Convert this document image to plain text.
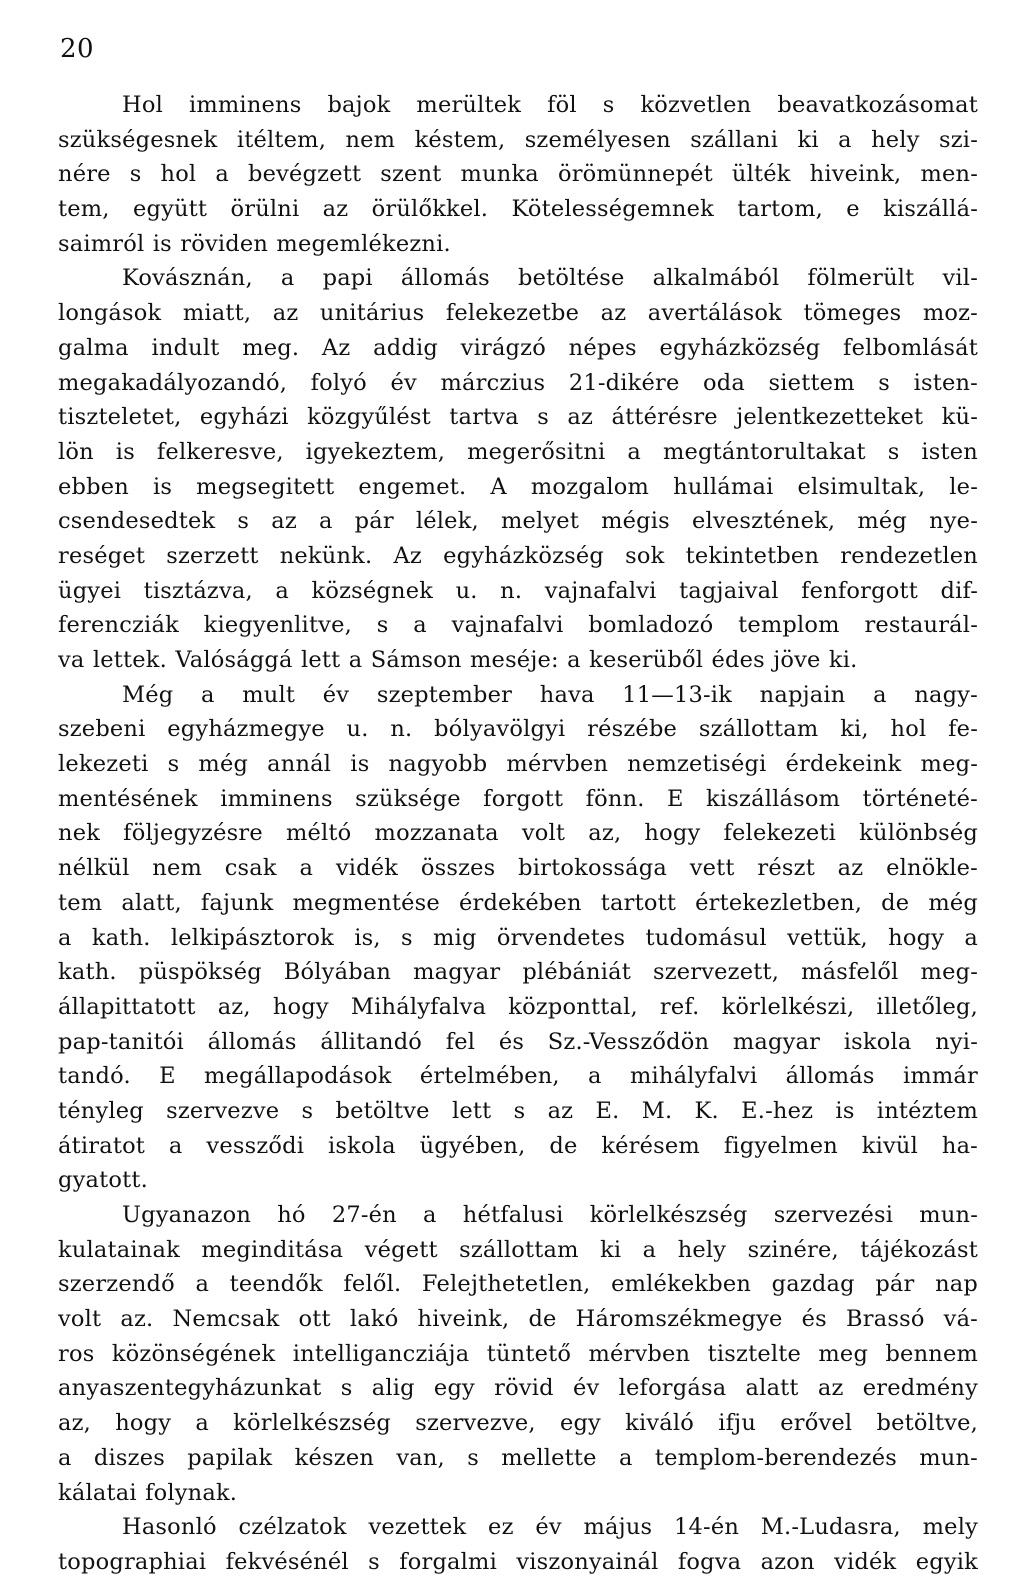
20
Hol imminens bajok merültek föl s közvetlen beavatkozásomat
szükségesnek itéltem, nem késtem, személyesen szállani ki a hely szi-
nére s hol a bevégzett szent munka örömünnepét ülték hiveink, men-
tem, együtt örülni az örülőkkel. Kötelességemnek tartom, e kiszállá-
saimról is röviden megemlékezni.
Kovásznán, a papi állomás betöltése alkalmából fölmerült vil-
longások miatt, az unitárius felekezetbe az avertálások tömeges moz-
galma indult meg. Az addig virágzó népes egyházközség felbomlását
megakadályozandó, folyó év márczius 21-dikére oda siettem s isten-
tiszteletet, egyházi közgyűlést tartva s az áttérésre jelentkezetteket kü-
lön is felkeresve, igyekeztem, megerősitni a megtántorultakat s isten
ebben is megsegitett engemet. A mozgalom hullámai elsimultak, le-
csendesedtek s az a pár lélek, melyet mégis elvesztének, még nye-
reséget szerzett nekünk. Az egyházközség sok tekintetben rendezetlen
ügyei tisztázva, a községnek u. n. vajnafalvi tagjaival fenforgott dif-
ferencziák kiegyenlitve, s a vajnafalvi bomladozó templom restaurál-
va lettek. Valósággá lett a Sámson meséje: a keserüből édes jöve ki.
Még a mult év szeptember hava 11—13-ik napjain a nagy-
szebeni egyházmegye u. n. bólyavölgyi részébe szállottam ki, hol fe-
lekezeti s még annál is nagyobb mérvben nemzetiségi érdekeink meg-
mentésének imminens szüksége forgott fönn. E kiszállásom történeté-
nek följegyzésre méltó mozzanata volt az, hogy felekezeti különbség
nélkül nem csak a vidék összes birtokossága vett részt az elnökle-
tem alatt, fajunk megmentése érdekében tartott értekezletben, de még
a kath. lelkipásztorok is, s mig örvendetes tudomásul vettük, hogy a
kath. püspökség Bólyában magyar plébániát szervezett, másfelől meg-
állapittatott az, hogy Mihályfalva központtal, ref. körlelkészi, illetőleg,
pap-tanitói állomás állitandó fel és Sz.-Vessződön magyar iskola nyi-
tandó. E megállapodások értelmében, a mihályfalvi állomás immár
tényleg szervezve s betöltve lett s az E. M. K. E.-hez is intéztem
átiratot a vessződi iskola ügyében, de kérésem figyelmen kivül ha-
gyatott.
Ugyanazon hó 27-én a hétfalusi körlelkészség szervezési mun-
kulatainak meginditása végett szállottam ki a hely szinére, tájékozást
szerzendő a teendők felől. Felejthetetlen, emlékekben gazdag pár nap
volt az. Nemcsak ott lakó hiveink, de Háromszékmegye és Brassó vá-
ros közönségének intelligancziája tüntető mérvben tisztelte meg bennem
anyaszentegyházunkat s alig egy rövid év leforgása alatt az eredmény
az, hogy a körlelkészség szervezve, egy kiváló ifju erővel betöltve,
a diszes papilak készen van, s mellette a templom-berendezés mun-
kálatai folynak.
Hasonló czélzatok vezettek ez év május 14-én M.-Ludasra, mely
topographiai fekvésénél s forgalmi viszonyainál fogva azon vidék egyik
